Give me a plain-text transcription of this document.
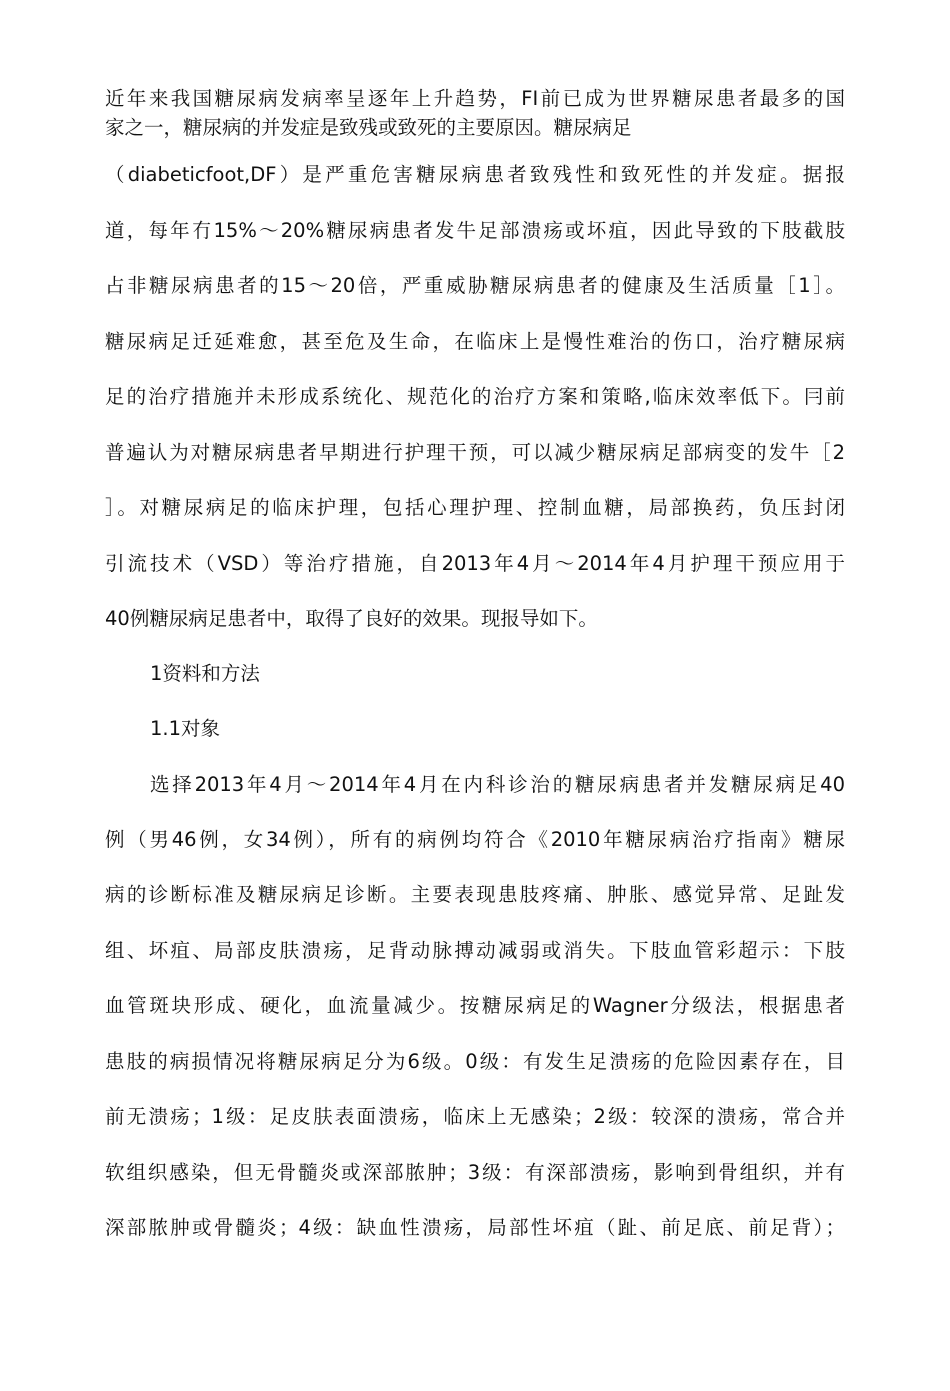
近年来我国糖尿病发病率呈逐年上升趋势，FI前已成为世界糖尿患者最多的国
家之一，糖尿病的并发症是致残或致死的主要原因。糖尿病足
（diabeticfoot,DF）是严重危害糖尿病患者致残性和致死性的并发症。据报
道，每年冇15%〜20%糖尿病患者发牛足部溃疡或坏疽，因此导致的下肢截肢
占非糖尿病患者的15〜20倍，严重威胁糖尿病患者的健康及生活质量［1］。
糖尿病足迁延难愈，甚至危及生命，在临床上是慢性难治的伤口，治疗糖尿病
足的治疗措施并未形成系统化、规范化的治疗方案和策略,临床效率低下。冃前
普遍认为对糖尿病患者早期进行护理干预，可以减少糖尿病足部病变的发牛［2
］。对糖尿病足的临床护理，包括心理护理、控制血糖，局部换药，负压封闭
引流技术（VSD）等治疗措施，自2013年4月〜2014年4月护理干预应用于
40例糖尿病足患者中，取得了良好的效果。现报导如下。
1资料和方法
1.1对象
选择2013年4月〜2014年4月在内科诊治的糖尿病患者并发糖尿病足40
例（男46例，女34例），所有的病例均符合《2010年糖尿病治疗指南》糖尿
病的诊断标准及糖尿病足诊断。主要表现患肢疼痛、肿胀、感觉异常、足趾发
组、坏疽、局部皮肤溃疡，足背动脉搏动减弱或消失。下肢血管彩超示：下肢
血管斑块形成、硬化，血流量减少。按糖尿病足的Wagner分级法，根据患者
患肢的病损情况将糖尿病足分为6级。0级：有发生足溃疡的危险因素存在，目
前无溃疡；1级：足皮肤表面溃疡，临床上无感染；2级：较深的溃疡，常合并
软组织感染，但无骨髓炎或深部脓肿；3级：有深部溃疡，影响到骨组织，并有
深部脓肿或骨髓炎；4级：缺血性溃疡，局部性坏疽（趾、前足底、前足背）；
